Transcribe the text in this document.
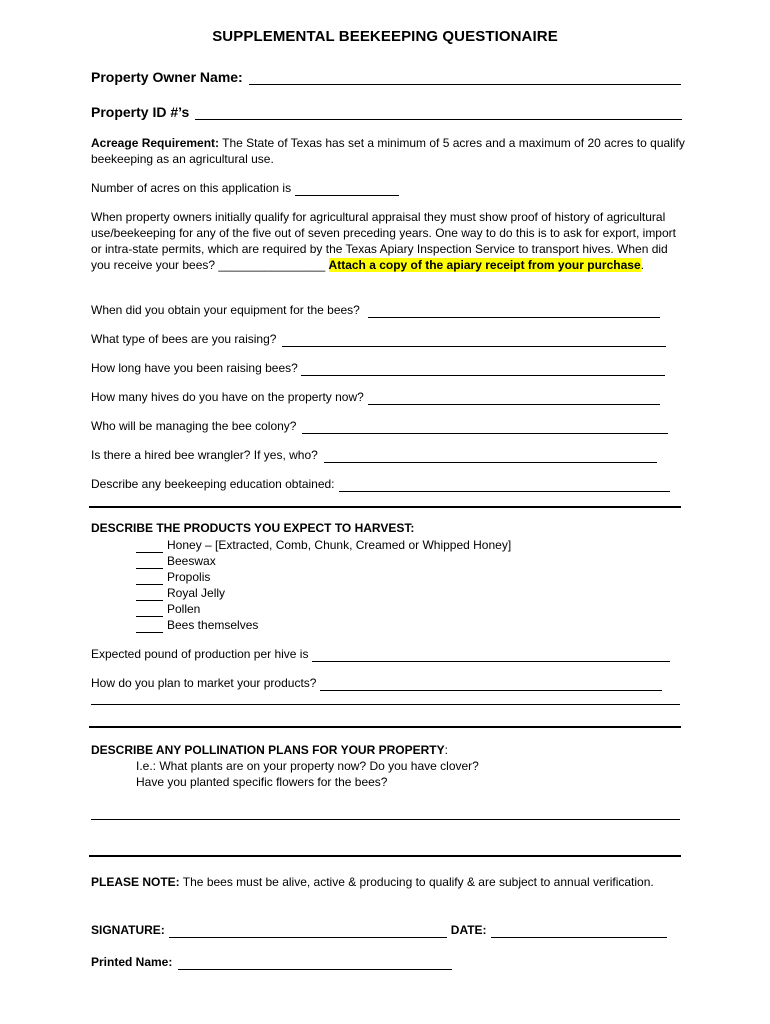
SUPPLEMENTAL BEEKEEPING QUESTIONAIRE
Property Owner Name:
Property ID #’s
Acreage Requirement: The State of Texas has set a minimum of 5 acres and a maximum of 20 acres to qualify beekeeping as an agricultural use.
Number of acres on this application is
When property owners initially qualify for agricultural appraisal they must show proof of history of agricultural use/beekeeping for any of the five out of seven preceding years. One way to do this is to ask for export, import or intra-state permits, which are required by the Texas Apiary Inspection Service to transport hives. When did you receive your bees? ________________ Attach a copy of the apiary receipt from your purchase.
When did you obtain your equipment for the bees?
What type of bees are you raising?
How long have you been raising bees?
How many hives do you have on the property now?
Who will be managing the bee colony?
Is there a hired bee wrangler? If yes, who?
Describe any beekeeping education obtained:
DESCRIBE THE PRODUCTS YOU EXPECT TO HARVEST:
Honey – [Extracted, Comb, Chunk, Creamed or Whipped Honey]
Beeswax
Propolis
Royal Jelly
Pollen
Bees themselves
Expected pound of production per hive is
How do you plan to market your products?
DESCRIBE ANY POLLINATION PLANS FOR YOUR PROPERTY :
I.e.: What plants are on your property now? Do you have clover?
Have you planted specific flowers for the bees?
PLEASE NOTE: The bees must be alive, active & producing to qualify & are subject to annual verification.
SIGNATURE:	DATE:
Printed Name:
